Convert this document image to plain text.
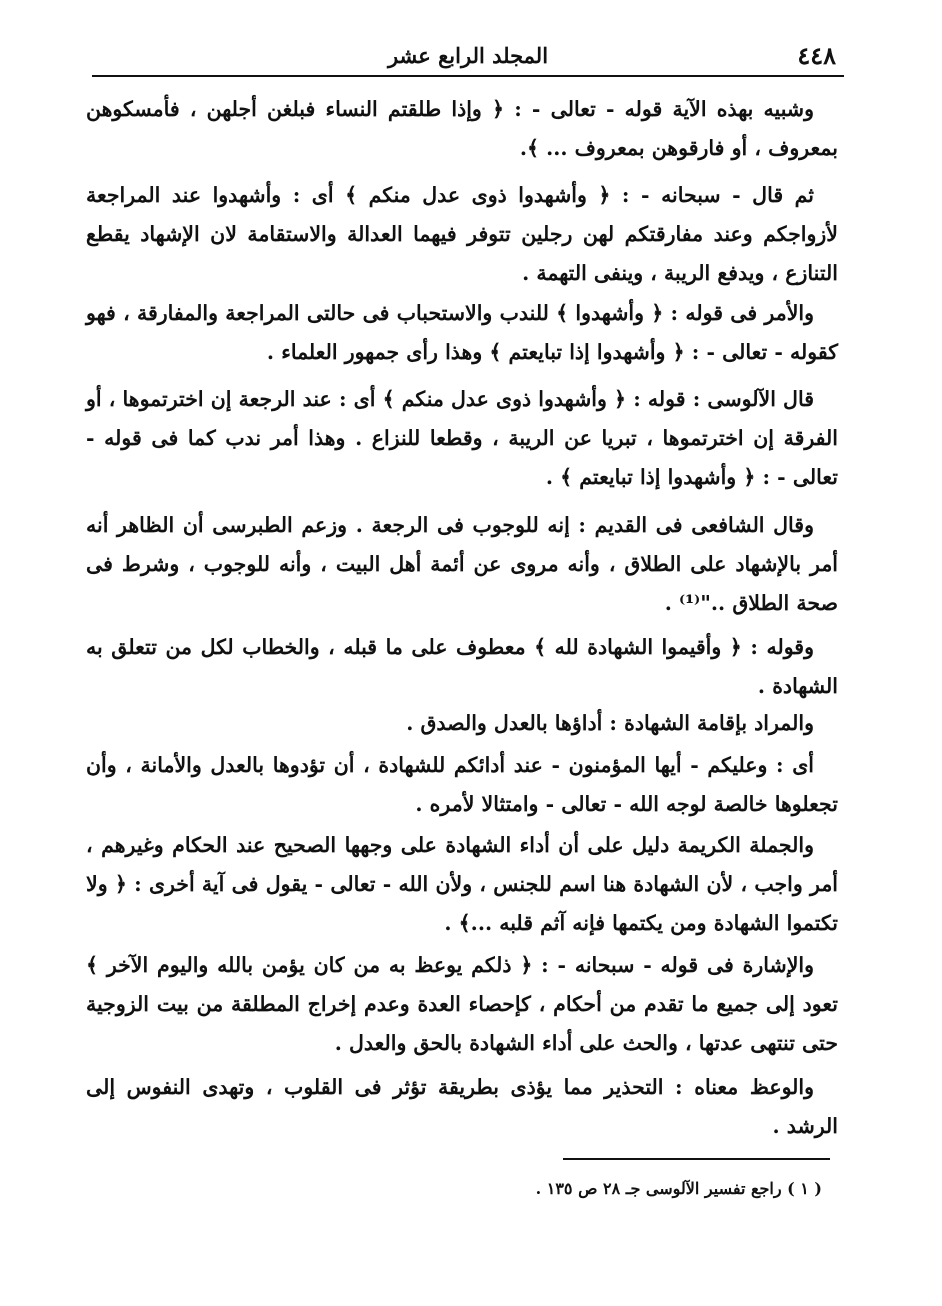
٤٤٨
المجلد الرابع عشر

وشبيه بهذه الآية قوله - تعالى - : ﴿ وإذا طلقتم النساء فبلغن أجلهن ، فأمسكوهن بمعروف ، أو فارقوهن بمعروف ... ﴾.

ثم قال - سبحانه - : ﴿ وأشهدوا ذوى عدل منكم ﴾ أى : وأشهدوا عند المراجعة لأزواجكم وعند مفارقتكم لهن رجلين تتوفر فيهما العدالة والاستقامة لان الإشهاد يقطع التنازع ، ويدفع الريبة ، وينفى التهمة .

والأمر فى قوله : ﴿ وأشهدوا ﴾ للندب والاستحباب فى حالتى المراجعة والمفارقة ، فهو كقوله - تعالى - : ﴿ وأشهدوا إذا تبايعتم ﴾ وهذا رأى جمهور العلماء .

قال الآلوسى : قوله : ﴿ وأشهدوا ذوى عدل منكم ﴾ أى : عند الرجعة إن اخترتموها ، أو الفرقة إن اخترتموها ، تبريا عن الريبة ، وقطعا للنزاع . وهذا أمر ندب كما فى قوله - تعالى - : ﴿ وأشهدوا إذا تبايعتم ﴾ .

وقال الشافعى فى القديم : إنه للوجوب فى الرجعة . وزعم الطبرسى أن الظاهر أنه أمر بالإشهاد على الطلاق ، وأنه مروى عن أئمة أهل البيت ، وأنه للوجوب ، وشرط فى صحة الطلاق .."⁽¹⁾ .

وقوله : ﴿ وأقيموا الشهادة لله ﴾ معطوف على ما قبله ، والخطاب لكل من تتعلق به الشهادة .

والمراد بإقامة الشهادة : أداؤها بالعدل والصدق .

أى : وعليكم - أيها المؤمنون - عند أدائكم للشهادة ، أن تؤدوها بالعدل والأمانة ، وأن تجعلوها خالصة لوجه الله - تعالى - وامتثالا لأمره .

والجملة الكريمة دليل على أن أداء الشهادة على وجهها الصحيح عند الحكام وغيرهم ، أمر واجب ، لأن الشهادة هنا اسم للجنس ، ولأن الله - تعالى - يقول فى آية أخرى : ﴿ ولا تكتموا الشهادة ومن يكتمها فإنه آثم قلبه ...﴾ .

والإشارة فى قوله - سبحانه - : ﴿ ذلكم يوعظ به من كان يؤمن بالله واليوم الآخر ﴾ تعود إلى جميع ما تقدم من أحكام ، كإحصاء العدة وعدم إخراج المطلقة من بيت الزوجية حتى تنتهى عدتها ، والحث على أداء الشهادة بالحق والعدل .

والوعظ معناه : التحذير مما يؤذى بطريقة تؤثر فى القلوب ، وتهدى النفوس إلى الرشد .

( ١ ) راجع تفسير الآلوسى جـ ٢٨ ص ١٣٥ .
